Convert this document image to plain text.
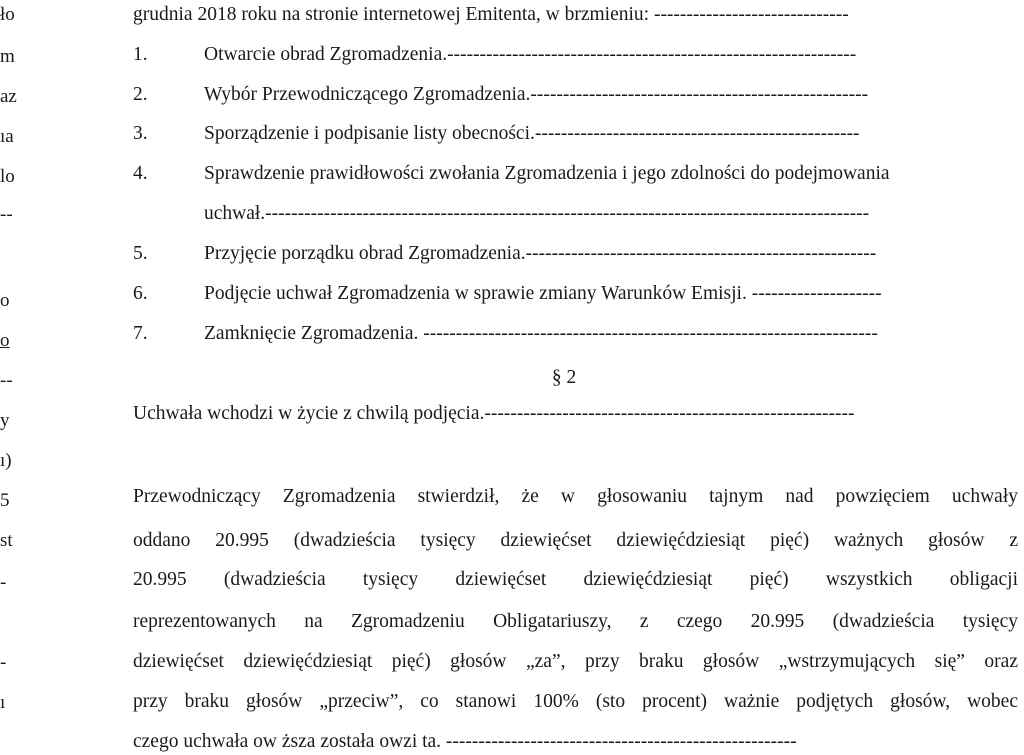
ło
m
az
ıa
lo
--
o
o
--
y
ı)
5
st
-
-
ı
grudnia 2018 roku na stronie internetowej Emitenta, w brzmieniu: ------------------------------
1.	Otwarcie obrad Zgromadzenia.---------------------------------------------------------------
2.	Wybór Przewodniczącego Zgromadzenia.----------------------------------------------------
3.	Sporządzenie i podpisanie listy obecności.--------------------------------------------------
4.	Sprawdzenie prawidłowości zwołania Zgromadzenia i jego zdolności do podejmowania
uchwał.---------------------------------------------------------------------------------------------
5.	Przyjęcie porządku obrad Zgromadzenia.------------------------------------------------------
6.	Podjęcie uchwał Zgromadzenia w sprawie zmiany Warunków Emisji. --------------------
7.	Zamknięcie Zgromadzenia. ----------------------------------------------------------------------
§ 2
Uchwała wchodzi w życie z chwilą podjęcia.---------------------------------------------------------
Przewodniczący Zgromadzenia stwierdził, że w głosowaniu tajnym nad powzięciem uchwały
oddano 20.995 (dwadzieścia tysięcy dziewięćset dziewięćdziesiąt pięć) ważnych głosów z
20.995 (dwadzieścia tysięcy dziewięćset dziewięćdziesiąt pięć) wszystkich obligacji
reprezentowanych na Zgromadzeniu Obligatariuszy, z czego 20.995 (dwadzieścia tysięcy
dziewięćset dziewięćdziesiąt pięć) głosów „za”, przy braku głosów „wstrzymujących się” oraz
przy braku głosów „przeciw”, co stanowi 100% (sto procent) ważnie podjętych głosów, wobec
czego uchwała ow ższa została owzi ta. ------------------------------------------------------
